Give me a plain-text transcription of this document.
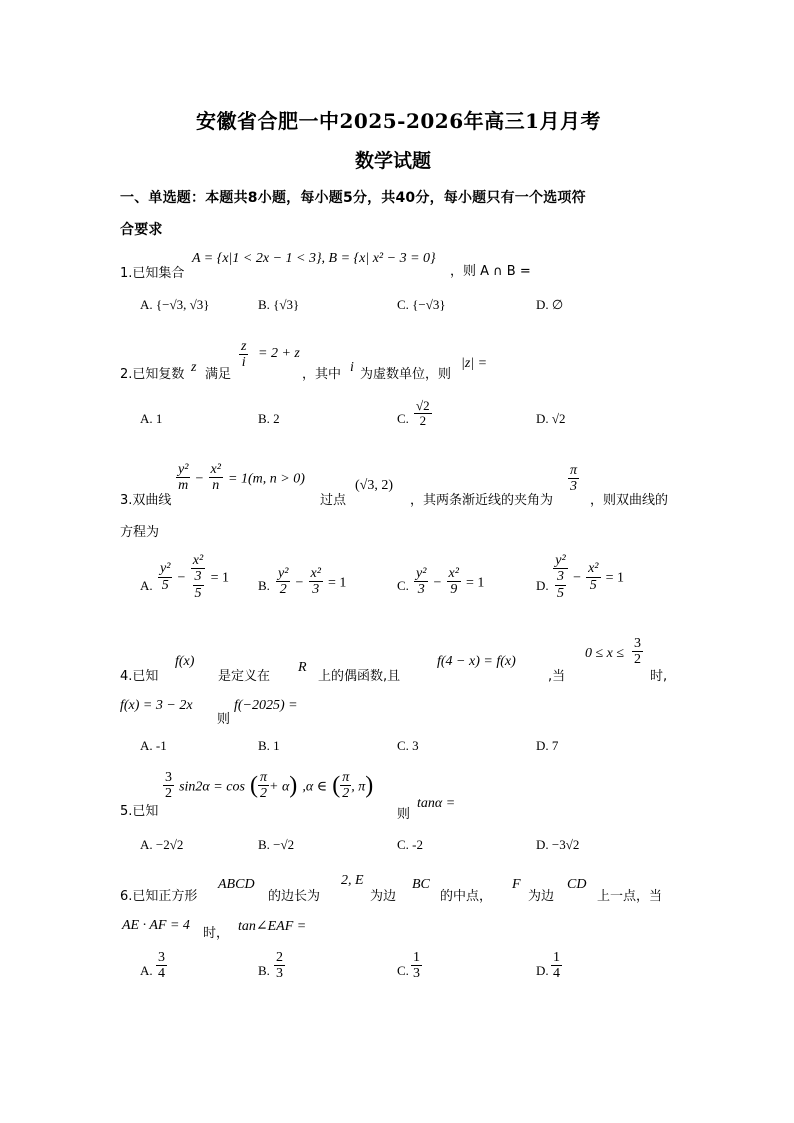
安徽省合肥一中2025-2026年高三1月月考
数学试题
一、单选题：本题共8小题，每小题5分，共40分，每小题只有一个选项符
合要求
1.已知集合
A = {x|1 < 2x − 1 < 3}, B = {x| x² − 3 = 0}
，则 A ∩ B =
A. {−√3, √3}	B. {√3}	C. {−√3}	D. ∅
2.已知复数 z 满足
$\frac{z}{i} = 2 + z$
，其中 i 为虚数单位，则
|z| =
A. 1	B. 2	C. $\frac{√2}{2}$	D. √2
3.双曲线
$\frac{\text{y²}}{m} - \frac{\text{x²}}{n} = 1(m$, n > 0)
过点
(√3, 2)
，其两条渐近线的夹角为
$\frac{\pi}{3}$
，则双曲线的
方程为
A. $\frac{\text{y²}}{5} - \frac{\text{x²}}{\frac{3}{5}} = 1$ B. $\frac{\text{y²}}{2} - \frac{\text{x²}}{3} = 1$	C. $\frac{\text{y²}}{3} - \frac{\text{x²}}{9} = 1$	D. $\frac{\text{y²}}{\frac{3}{5}} - \frac{\text{x²}}{5} = 1$
4.已知
f(x)
是定义在
R
上的偶函数,且
f(4 − x) = f(x)
,当
$0 \le x \le \frac{3}{2}$
时,
f(x) = 3 − 2x
则
f(−2025) =
A. -1	B. 1	C. 3	D. 7
5.已知
$\frac{3}{2} \sin 2\alpha = \cos$ ( $\frac{\pi}{2} + \alpha$) ,α ∈ ( $\frac{\pi}{2}$ , π)
则
tanα =
A. −2√2	B. −√2	C. -2	D. −3√2
6.已知正方形
ABCD
的边长为
2, E
为边
BC
的中点，
F
为边
CD
上一点，当
AE · AF = 4
时， tan∠EAF =
A. $\frac{3}{4}$	B. $\frac{2}{3}$	C. $\frac{1}{3}$	D. $\frac{1}{4}$
